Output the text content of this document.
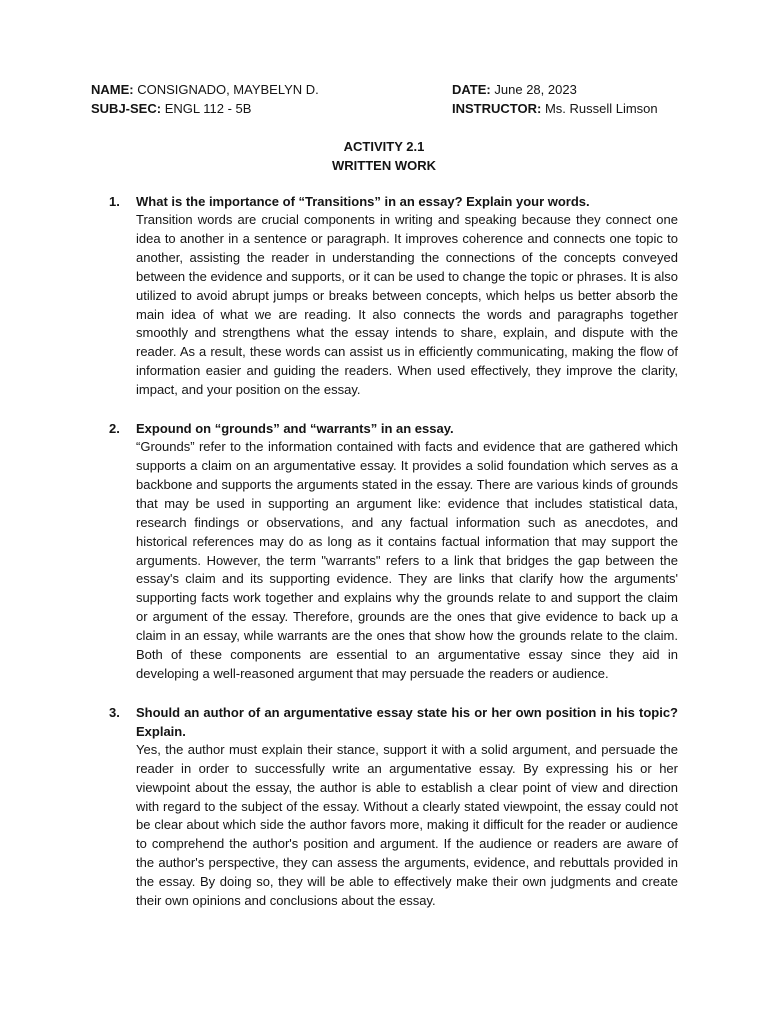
NAME: CONSIGNADO, MAYBELYN D.	DATE: June 28, 2023
SUBJ-SEC: ENGL 112 - 5B	INSTRUCTOR: Ms. Russell Limson
ACTIVITY 2.1
WRITTEN WORK
1. What is the importance of “Transitions” in an essay? Explain your words.
Transition words are crucial components in writing and speaking because they connect one idea to another in a sentence or paragraph. It improves coherence and connects one topic to another, assisting the reader in understanding the connections of the concepts conveyed between the evidence and supports, or it can be used to change the topic or phrases. It is also utilized to avoid abrupt jumps or breaks between concepts, which helps us better absorb the main idea of what we are reading. It also connects the words and paragraphs together smoothly and strengthens what the essay intends to share, explain, and dispute with the reader. As a result, these words can assist us in efficiently communicating, making the flow of information easier and guiding the readers. When used effectively, they improve the clarity, impact, and your position on the essay.
2. Expound on “grounds” and “warrants” in an essay.
“Grounds” refer to the information contained with facts and evidence that are gathered which supports a claim on an argumentative essay. It provides a solid foundation which serves as a backbone and supports the arguments stated in the essay. There are various kinds of grounds that may be used in supporting an argument like: evidence that includes statistical data, research findings or observations, and any factual information such as anecdotes, and historical references may do as long as it contains factual information that may support the arguments. However, the term "warrants" refers to a link that bridges the gap between the essay's claim and its supporting evidence. They are links that clarify how the arguments' supporting facts work together and explains why the grounds relate to and support the claim or argument of the essay. Therefore, grounds are the ones that give evidence to back up a claim in an essay, while warrants are the ones that show how the grounds relate to the claim. Both of these components are essential to an argumentative essay since they aid in developing a well-reasoned argument that may persuade the readers or audience.
3. Should an author of an argumentative essay state his or her own position in his topic? Explain.
Yes, the author must explain their stance, support it with a solid argument, and persuade the reader in order to successfully write an argumentative essay. By expressing his or her viewpoint about the essay, the author is able to establish a clear point of view and direction with regard to the subject of the essay. Without a clearly stated viewpoint, the essay could not be clear about which side the author favors more, making it difficult for the reader or audience to comprehend the author's position and argument. If the audience or readers are aware of the author's perspective, they can assess the arguments, evidence, and rebuttals provided in the essay. By doing so, they will be able to effectively make their own judgments and create their own opinions and conclusions about the essay.
